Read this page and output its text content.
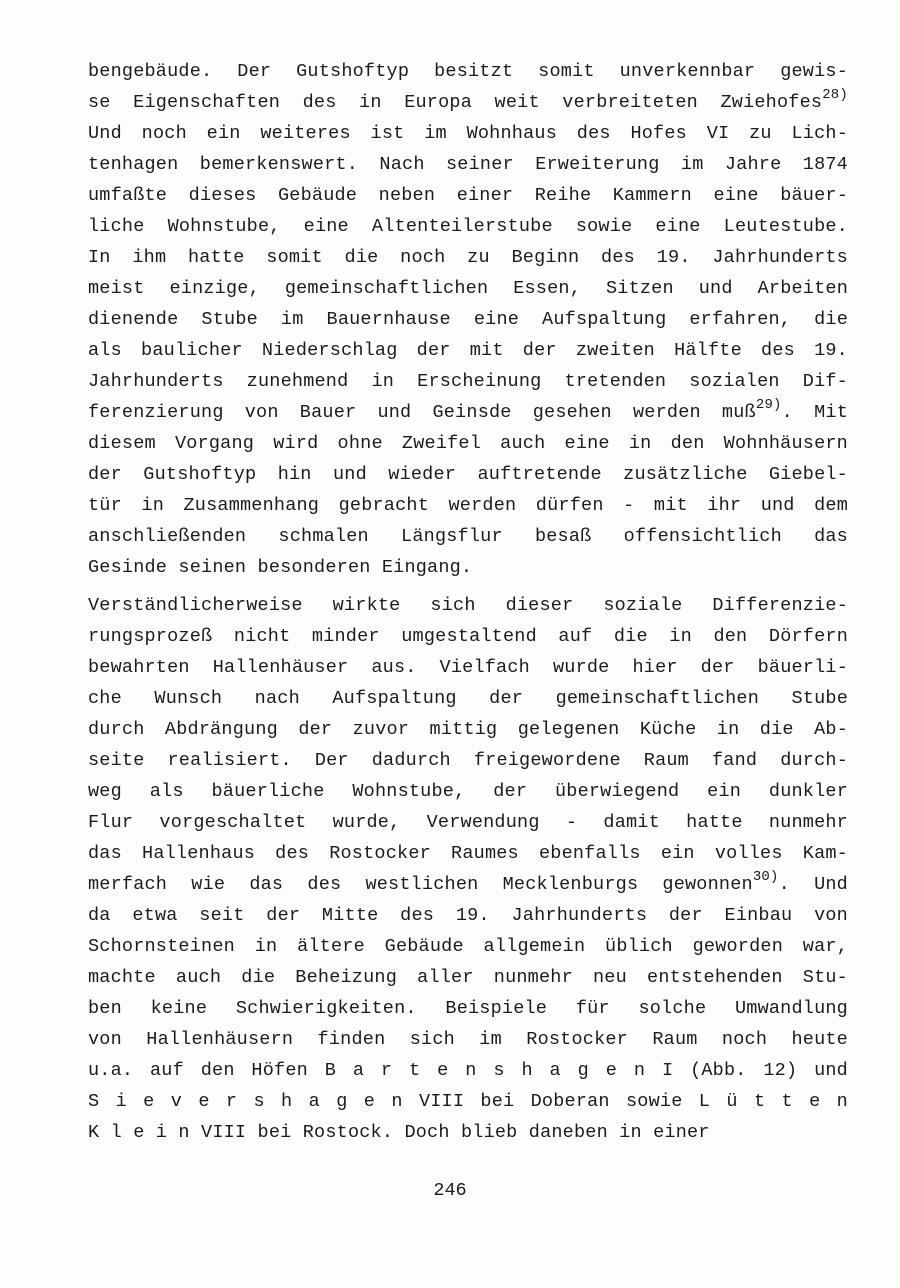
bengebäude. Der Gutshoftyp besitzt somit unverkennbar gewis-
se Eigenschaften des in Europa weit verbreiteten Zwiehofes$^{28)}$
Und noch ein weiteres ist im Wohnhaus des Hofes VI zu Lich-
tenhagen bemerkenswert. Nach seiner Erweiterung im Jahre 1874
umfaßte dieses Gebäude neben einer Reihe Kammern eine bäuer-
liche Wohnstube, eine Altenteilerstube sowie eine Leutestube.
In ihm hatte somit die noch zu Beginn des 19. Jahrhunderts
meist einzige, gemeinschaftlichen Essen, Sitzen und Arbeiten
dienende Stube im Bauernhause eine Aufspaltung erfahren, die
als baulicher Niederschlag der mit der zweiten Hälfte des 19.
Jahrhunderts zunehmend in Erscheinung tretenden sozialen Dif-
ferenzierung von Bauer und Geinsde gesehen werden muß$^{29)}$. Mit
diesem Vorgang wird ohne Zweifel auch eine in den Wohnhäusern
der Gutshoftyp hin und wieder auftretende zusätzliche Giebel-
tür in Zusammenhang gebracht werden dürfen - mit ihr und dem
anschließenden schmalen Längsflur besaß offensichtlich das
Gesinde seinen besonderen Eingang.
Verständlicherweise wirkte sich dieser soziale Differenzie-
rungsprozeß nicht minder umgestaltend auf die in den Dörfern
bewahrten Hallenhäuser aus. Vielfach wurde hier der bäuerli-
che Wunsch nach Aufspaltung der gemeinschaftlichen Stube
durch Abdrängung der zuvor mittig gelegenen Küche in die Ab-
seite realisiert. Der dadurch freigewordene Raum fand durch-
weg als bäuerliche Wohnstube, der überwiegend ein dunkler
Flur vorgeschaltet wurde, Verwendung - damit hatte nunmehr
das Hallenhaus des Rostocker Raumes ebenfalls ein volles Kam-
merfach wie das des westlichen Mecklenburgs gewonnen$^{30)}$. Und
da etwa seit der Mitte des 19. Jahrhunderts der Einbau von
Schornsteinen in ältere Gebäude allgemein üblich geworden war,
machte auch die Beheizung aller nunmehr neu entstehenden Stu-
ben keine Schwierigkeiten. Beispiele für solche Umwandlung
von Hallenhäusern finden sich im Rostocker Raum noch heute
u.a. auf den Höfen B a r t e n s h a g e n I (Abb. 12) und
S i e v e r s h a g e n VIII bei Doberan sowie L ü t t e n
K l e i n VIII bei Rostock. Doch blieb daneben in einer
246
